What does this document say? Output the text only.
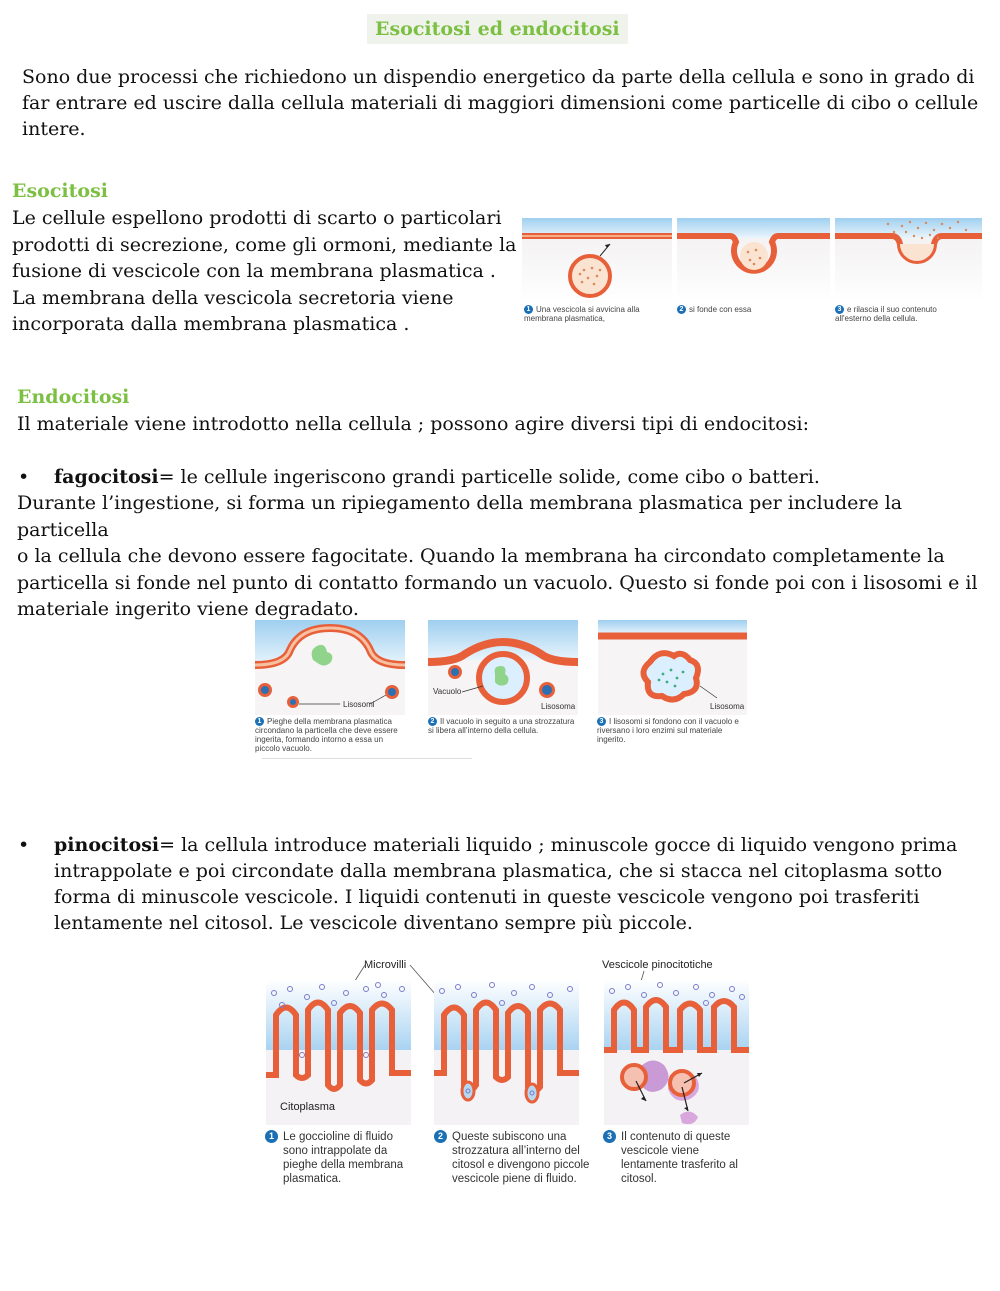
Esocitosi ed endocitosi
Sono due processi che richiedono un dispendio energetico da parte della cellula e sono in grado di far entrare ed uscire dalla cellula materiali di maggiori dimensioni come particelle di cibo o cellule intere.
Esocitosi
Le cellule espellono prodotti di scarto o particolari
prodotti di secrezione, come gli ormoni, mediante la
fusione di vescicole con la membrana plasmatica .
La membrana della vescicola secretoria viene
incorporata dalla membrana plasmatica .
1 Una vescicola si avvicina alla membrana plasmatica,
2 si fonde con essa	3 e rilascia il suo contenuto all'esterno della cellula.
Endocitosi
Il materiale viene introdotto nella cellula ; possono agire diversi tipi di endocitosi:
• fagocitosi= le cellule ingeriscono grandi particelle solide, come cibo o batteri.
Durante l’ingestione, si forma un ripiegamento della membrana plasmatica per includere la particella
o la cellula che devono essere fagocitate. Quando la membrana ha circondato completamente la
particella si fonde nel punto di contatto formando un vacuolo. Questo si fonde poi con i lisosomi e il
materiale ingerito viene degradato.
Lisosomi
Vacuolo
Lisosoma	Lisosoma
1 Pieghe della membrana plasmatica circondano la particella che deve essere ingerita, formando intorno a essa un piccolo vacuolo.
2 Il vacuolo in seguito a una strozzatura si libera all’interno della cellula.
3 I lisosomi si fondono con il vacuolo e riversano i loro enzimi sul materiale ingerito.
• pinocitosi= la cellula introduce materiali liquido ; minuscole gocce di liquido vengono prima
intrappolate e poi circondate dalla membrana plasmatica, che si stacca nel citoplasma sotto
forma di minuscole vescicole. I liquidi contenuti in queste vescicole vengono poi trasferiti
lentamente nel citosol. Le vescicole diventano sempre più piccole.
Microvilli	Vescicole pinocitotiche
Citoplasma
1 Le goccioline di fluido sono intrappolate da pieghe della membrana plasmatica.
2 Queste subiscono una strozzatura all’interno del citosol e divengono piccole vescicole piene di fluido.
3 Il contenuto di queste vescicole viene lentamente trasferito al citosol.
